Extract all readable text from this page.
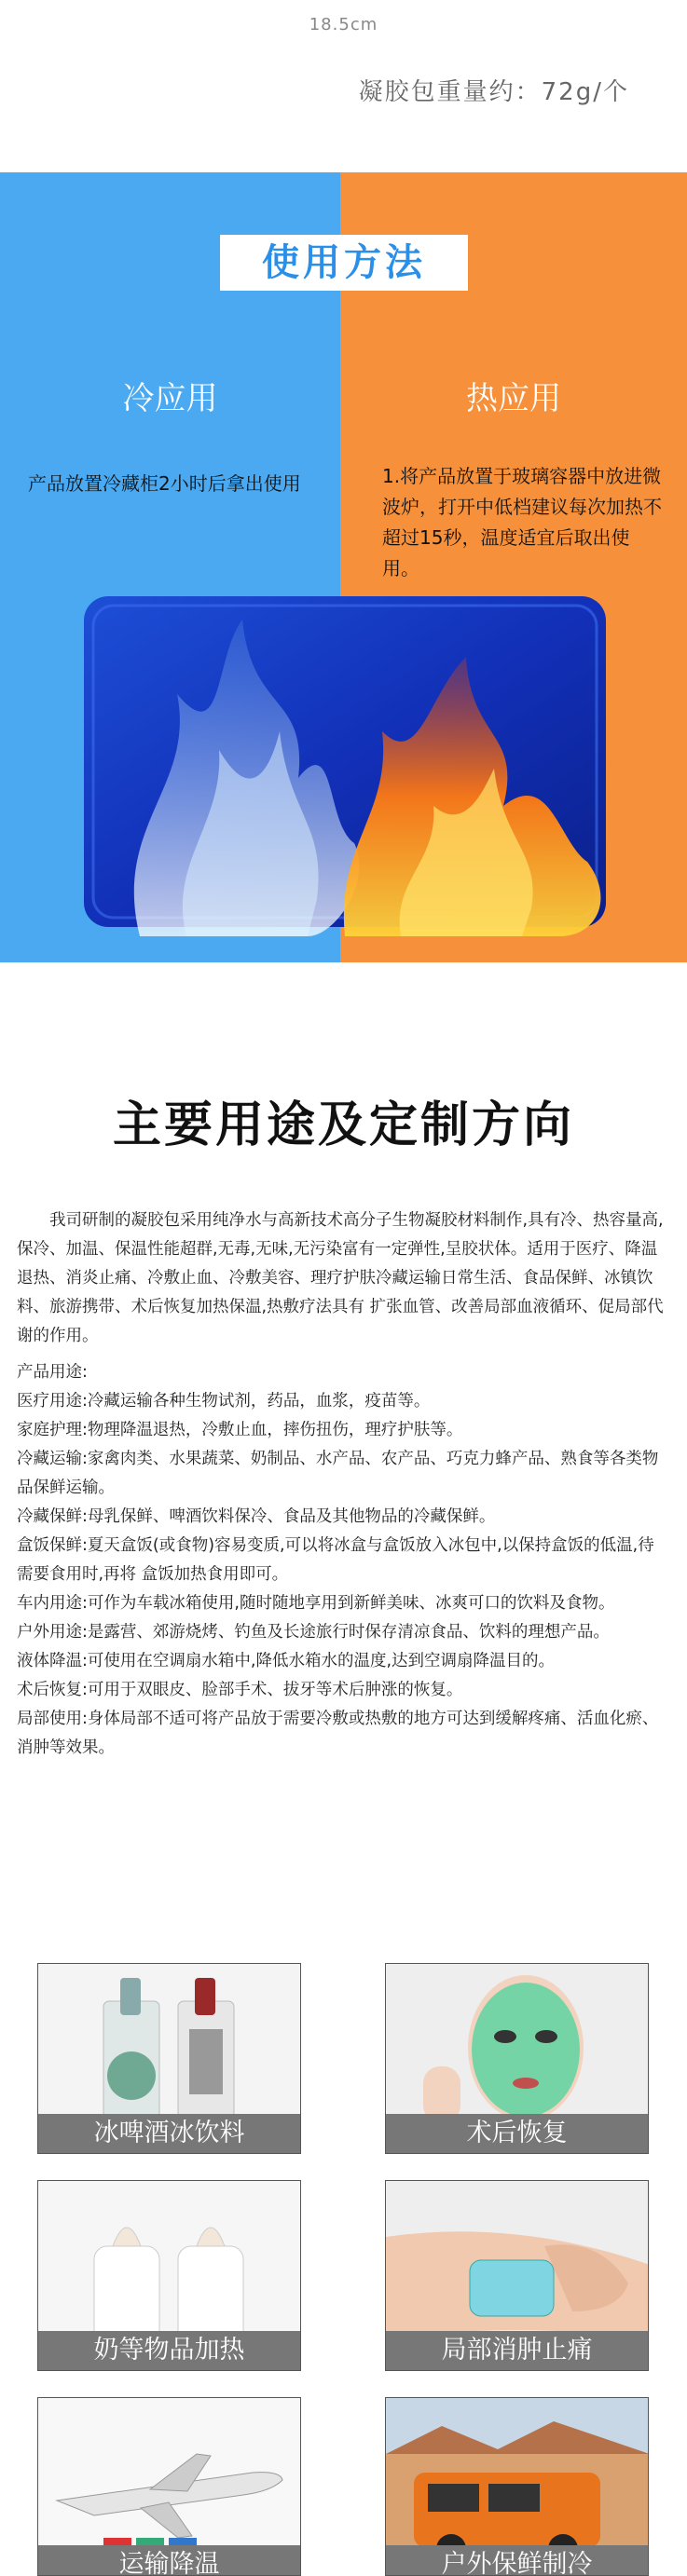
18.5cm
凝胶包重量约：72g/个
使用方法
冷应用	热应用
产品放置冷藏柜2小时后拿出使用	1.将产品放置于玻璃容器中放进微波炉，打开中低档建议每次加热不超过15秒，温度适宜后取出使用。
主要用途及定制方向

我司研制的凝胶包采用纯净水与高新技术高分子生物凝胶材料制作,具有冷、热容量高,保冷、加温、保温性能超群,无毒,无味,无污染富有一定弹性,呈胶状体。适用于医疗、降温退热、消炎止痛、冷敷止血、冷敷美容、理疗护肤冷藏运输日常生活、食品保鲜、冰镇饮料、旅游携带、术后恢复加热保温,热敷疗法具有 扩张血管、改善局部血液循环、促局部代谢的作用。

产品用途:

医疗用途:冷藏运输各种生物试剂，药品，血浆，疫苗等。

家庭护理:物理降温退热，冷敷止血，摔伤扭伤，理疗护肤等。

冷藏运输:家禽肉类、水果蔬菜、奶制品、水产品、农产品、巧克力蜂产品、熟食等各类物品保鲜运输。

冷藏保鲜:母乳保鲜、啤酒饮料保冷、食品及其他物品的冷藏保鲜。

盒饭保鲜:夏天盒饭(或食物)容易变质,可以将冰盒与盒饭放入冰包中,以保持盒饭的低温,待需要食用时,再将 盒饭加热食用即可。

车内用途:可作为车载冰箱使用,随时随地享用到新鲜美味、冰爽可口的饮料及食物。

户外用途:是露营、郊游烧烤、钓鱼及长途旅行时保存清凉食品、饮料的理想产品。

液体降温:可使用在空调扇水箱中,降低水箱水的温度,达到空调扇降温目的。

术后恢复:可用于双眼皮、脸部手术、拔牙等术后肿涨的恢复。

局部使用:身体局部不适可将产品放于需要冷敷或热敷的地方可达到缓解疼痛、活血化瘀、消肿等效果。

冰啤酒冰饮料	术后恢复
奶等物品加热	局部消肿止痛
运输降温	户外保鲜制冷
